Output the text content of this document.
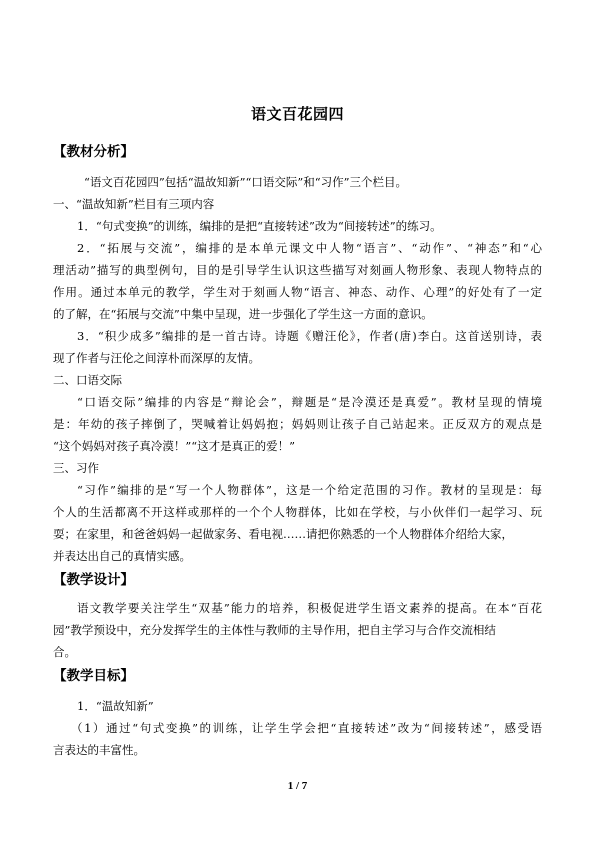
语文百花园四
【教材分析】
“语文百花园四”包括“温故知新”“口语交际”和“习作”三个栏目。
一、“温故知新”栏目有三项内容
1．“句式变换”的训练，编排的是把“直接转述”改为“间接转述”的练习。
2．“拓展与交流”，编排的是本单元课文中人物“语言”、“动作”、“神态”和“心
理活动”描写的典型例句，目的是引导学生认识这些描写对刻画人物形象、表现人物特点的
作用。通过本单元的教学，学生对于刻画人物“语言、神态、动作、心理”的好处有了一定
的了解，在“拓展与交流”中集中呈现，进一步强化了学生这一方面的意识。
3．“积少成多”编排的是一首古诗。诗题《赠汪伦》，作者(唐)李白。这首送别诗，表
现了作者与汪伦之间淳朴而深厚的友情。
二、口语交际
“口语交际”编排的内容是“辩论会”，辩题是“是冷漠还是真爱”。教材呈现的情境
是：年幼的孩子摔倒了，哭喊着让妈妈抱；妈妈则让孩子自己站起来。正反双方的观点是
“这个妈妈对孩子真冷漠！”“这才是真正的爱！”
三、习作
“习作”编排的是“写一个人物群体”，这是一个给定范围的习作。教材的呈现是：每
个人的生活都离不开这样或那样的一个个人物群体，比如在学校，与小伙伴们一起学习、玩
耍；在家里，和爸爸妈妈一起做家务、看电视……请把你熟悉的一个人物群体介绍给大家，
并表达出自己的真情实感。
【教学设计】
语文教学要关注学生“双基”能力的培养，积极促进学生语文素养的提高。在本“百花
园”教学预设中，充分发挥学生的主体性与教师的主导作用，把自主学习与合作交流相结
合。
【教学目标】
1．“温故知新”
（1）通过“句式变换”的训练，让学生学会把“直接转述”改为“间接转述”，感受语
言表达的丰富性。
1 / 7
